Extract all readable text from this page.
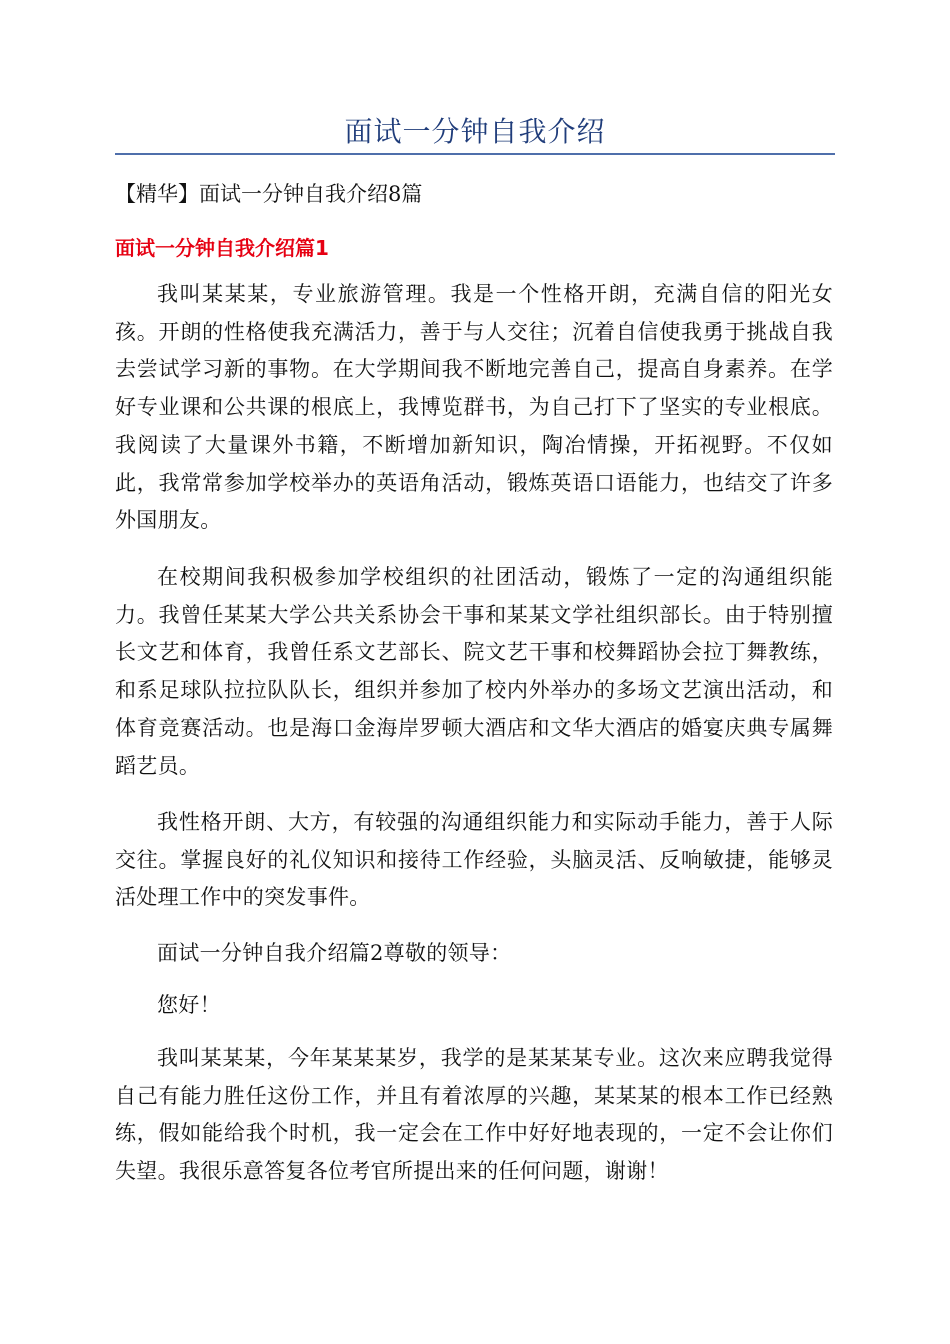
面试一分钟自我介绍
【精华】面试一分钟自我介绍8篇
面试一分钟自我介绍篇1

我叫某某某，专业旅游管理。我是一个性格开朗，充满自信的阳光女孩。开朗的性格使我充满活力，善于与人交往；沉着自信使我勇于挑战自我去尝试学习新的事物。在大学期间我不断地完善自己，提高自身素养。在学好专业课和公共课的根底上，我博览群书，为自己打下了坚实的专业根底。我阅读了大量课外书籍，不断增加新知识，陶冶情操，开拓视野。不仅如此，我常常参加学校举办的英语角活动，锻炼英语口语能力，也结交了许多外国朋友。

在校期间我积极参加学校组织的社团活动，锻炼了一定的沟通组织能力。我曾任某某大学公共关系协会干事和某某文学社组织部长。由于特别擅长文艺和体育，我曾任系文艺部长、院文艺干事和校舞蹈协会拉丁舞教练，和系足球队拉拉队队长，组织并参加了校内外举办的多场文艺演出活动，和体育竞赛活动。也是海口金海岸罗顿大酒店和文华大酒店的婚宴庆典专属舞蹈艺员。

我性格开朗、大方，有较强的沟通组织能力和实际动手能力，善于人际交往。掌握良好的礼仪知识和接待工作经验，头脑灵活、反响敏捷，能够灵活处理工作中的突发事件。

面试一分钟自我介绍篇2尊敬的领导：

您好！

我叫某某某，今年某某某岁，我学的是某某某专业。这次来应聘我觉得自己有能力胜任这份工作，并且有着浓厚的兴趣，某某某的根本工作已经熟练，假如能给我个时机，我一定会在工作中好好地表现的，一定不会让你们失望。我很乐意答复各位考官所提出来的任何问题，谢谢！
